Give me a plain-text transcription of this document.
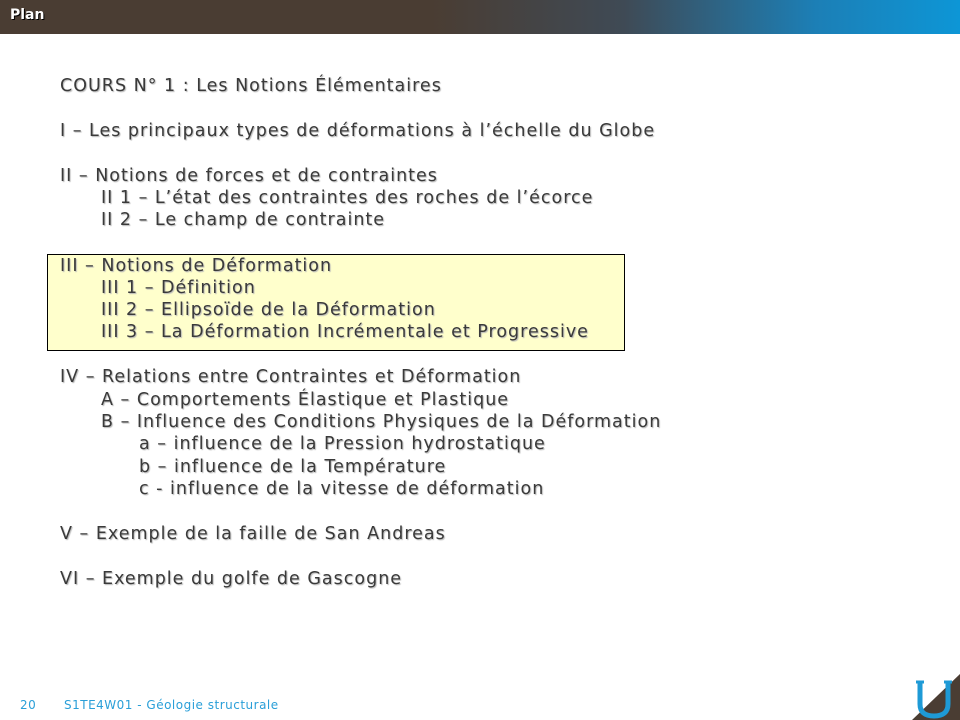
Plan
COURS N° 1 : Les Notions Élémentaires
I – Les principaux types de déformations à l’échelle du Globe
II – Notions de forces et de contraintes
II 1 – L’état des contraintes des roches de l’écorce
II 2 – Le champ de contrainte
III – Notions de Déformation
III 1 – Définition
III 2 – Ellipsoïde de la Déformation
III 3 – La Déformation Incrémentale et Progressive
IV – Relations entre Contraintes et Déformation
A – Comportements Élastique et Plastique
B – Influence des Conditions Physiques de la Déformation
a – influence de la Pression hydrostatique
b – influence de la Température
c - influence de la vitesse de déformation
V – Exemple de la faille de San Andreas
VI – Exemple du golfe de Gascogne
20 S1TE4W01 - Géologie structurale
